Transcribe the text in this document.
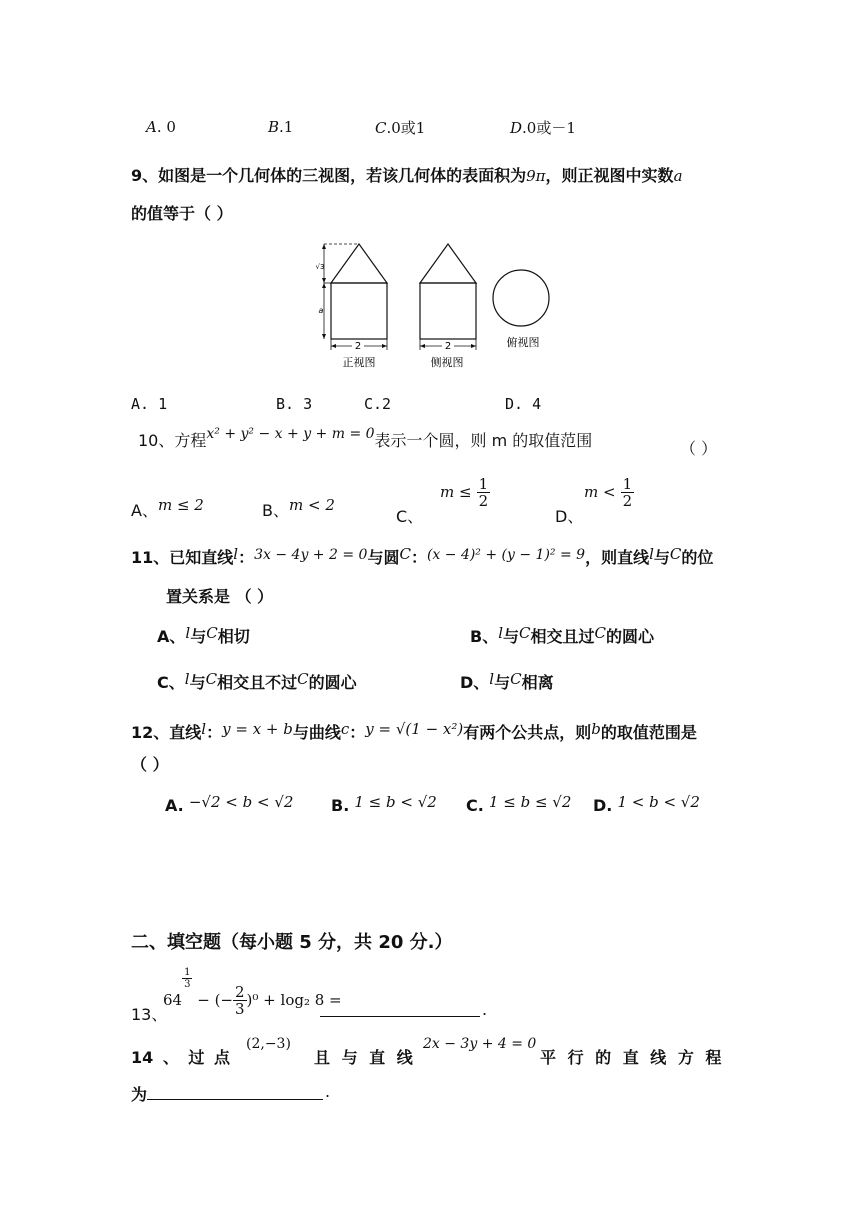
A. 0	B.1	C.0或1	D.0或－1
9、如图是一个几何体的三视图，若该几何体的表面积为9π，则正视图中实数a
的值等于（ ）
√3
a
2
正视图
2
侧视图
俯视图
A. 1	B. 3	C.2	D. 4
10、方程x² + y² − x + y + m = 0表示一个圆，则 m 的取值范围	（ ）
A、m ≤ 2	B、m < 2
C、
$m \le \frac{1}{2}$
D、
$m < \frac{1}{2}$
11、已知直线l：3x − 4y + 2 = 0与圆C：(x − 4)² + (y − 1)² = 9，则直线l与C的位
置关系是 （ ）
A、l与C相切	B、l与C相交且过C的圆心
C、l与C相交且不过C的圆心	D、l与C相离
12、直线l：y = x + b与曲线c：y = √(1 − x²)有两个公共点，则b的取值范围是
（ ）
A. −√2 < b < √2 B. 1 ≤ b < √2 C. 1 ≤ b ≤ √2 D. 1 < b < √2
二、填空题（每小题 5 分，共 20 分.）
13、
64
$\frac{1}{3}$
− (− $\frac{2}{3} )^0 + \log_2$ 8 =
.
14 、 过 点
(2,−3)
且 与 直 线
2x − 3y + 4 = 0
平 行 的 直 线 方 程
为	.
